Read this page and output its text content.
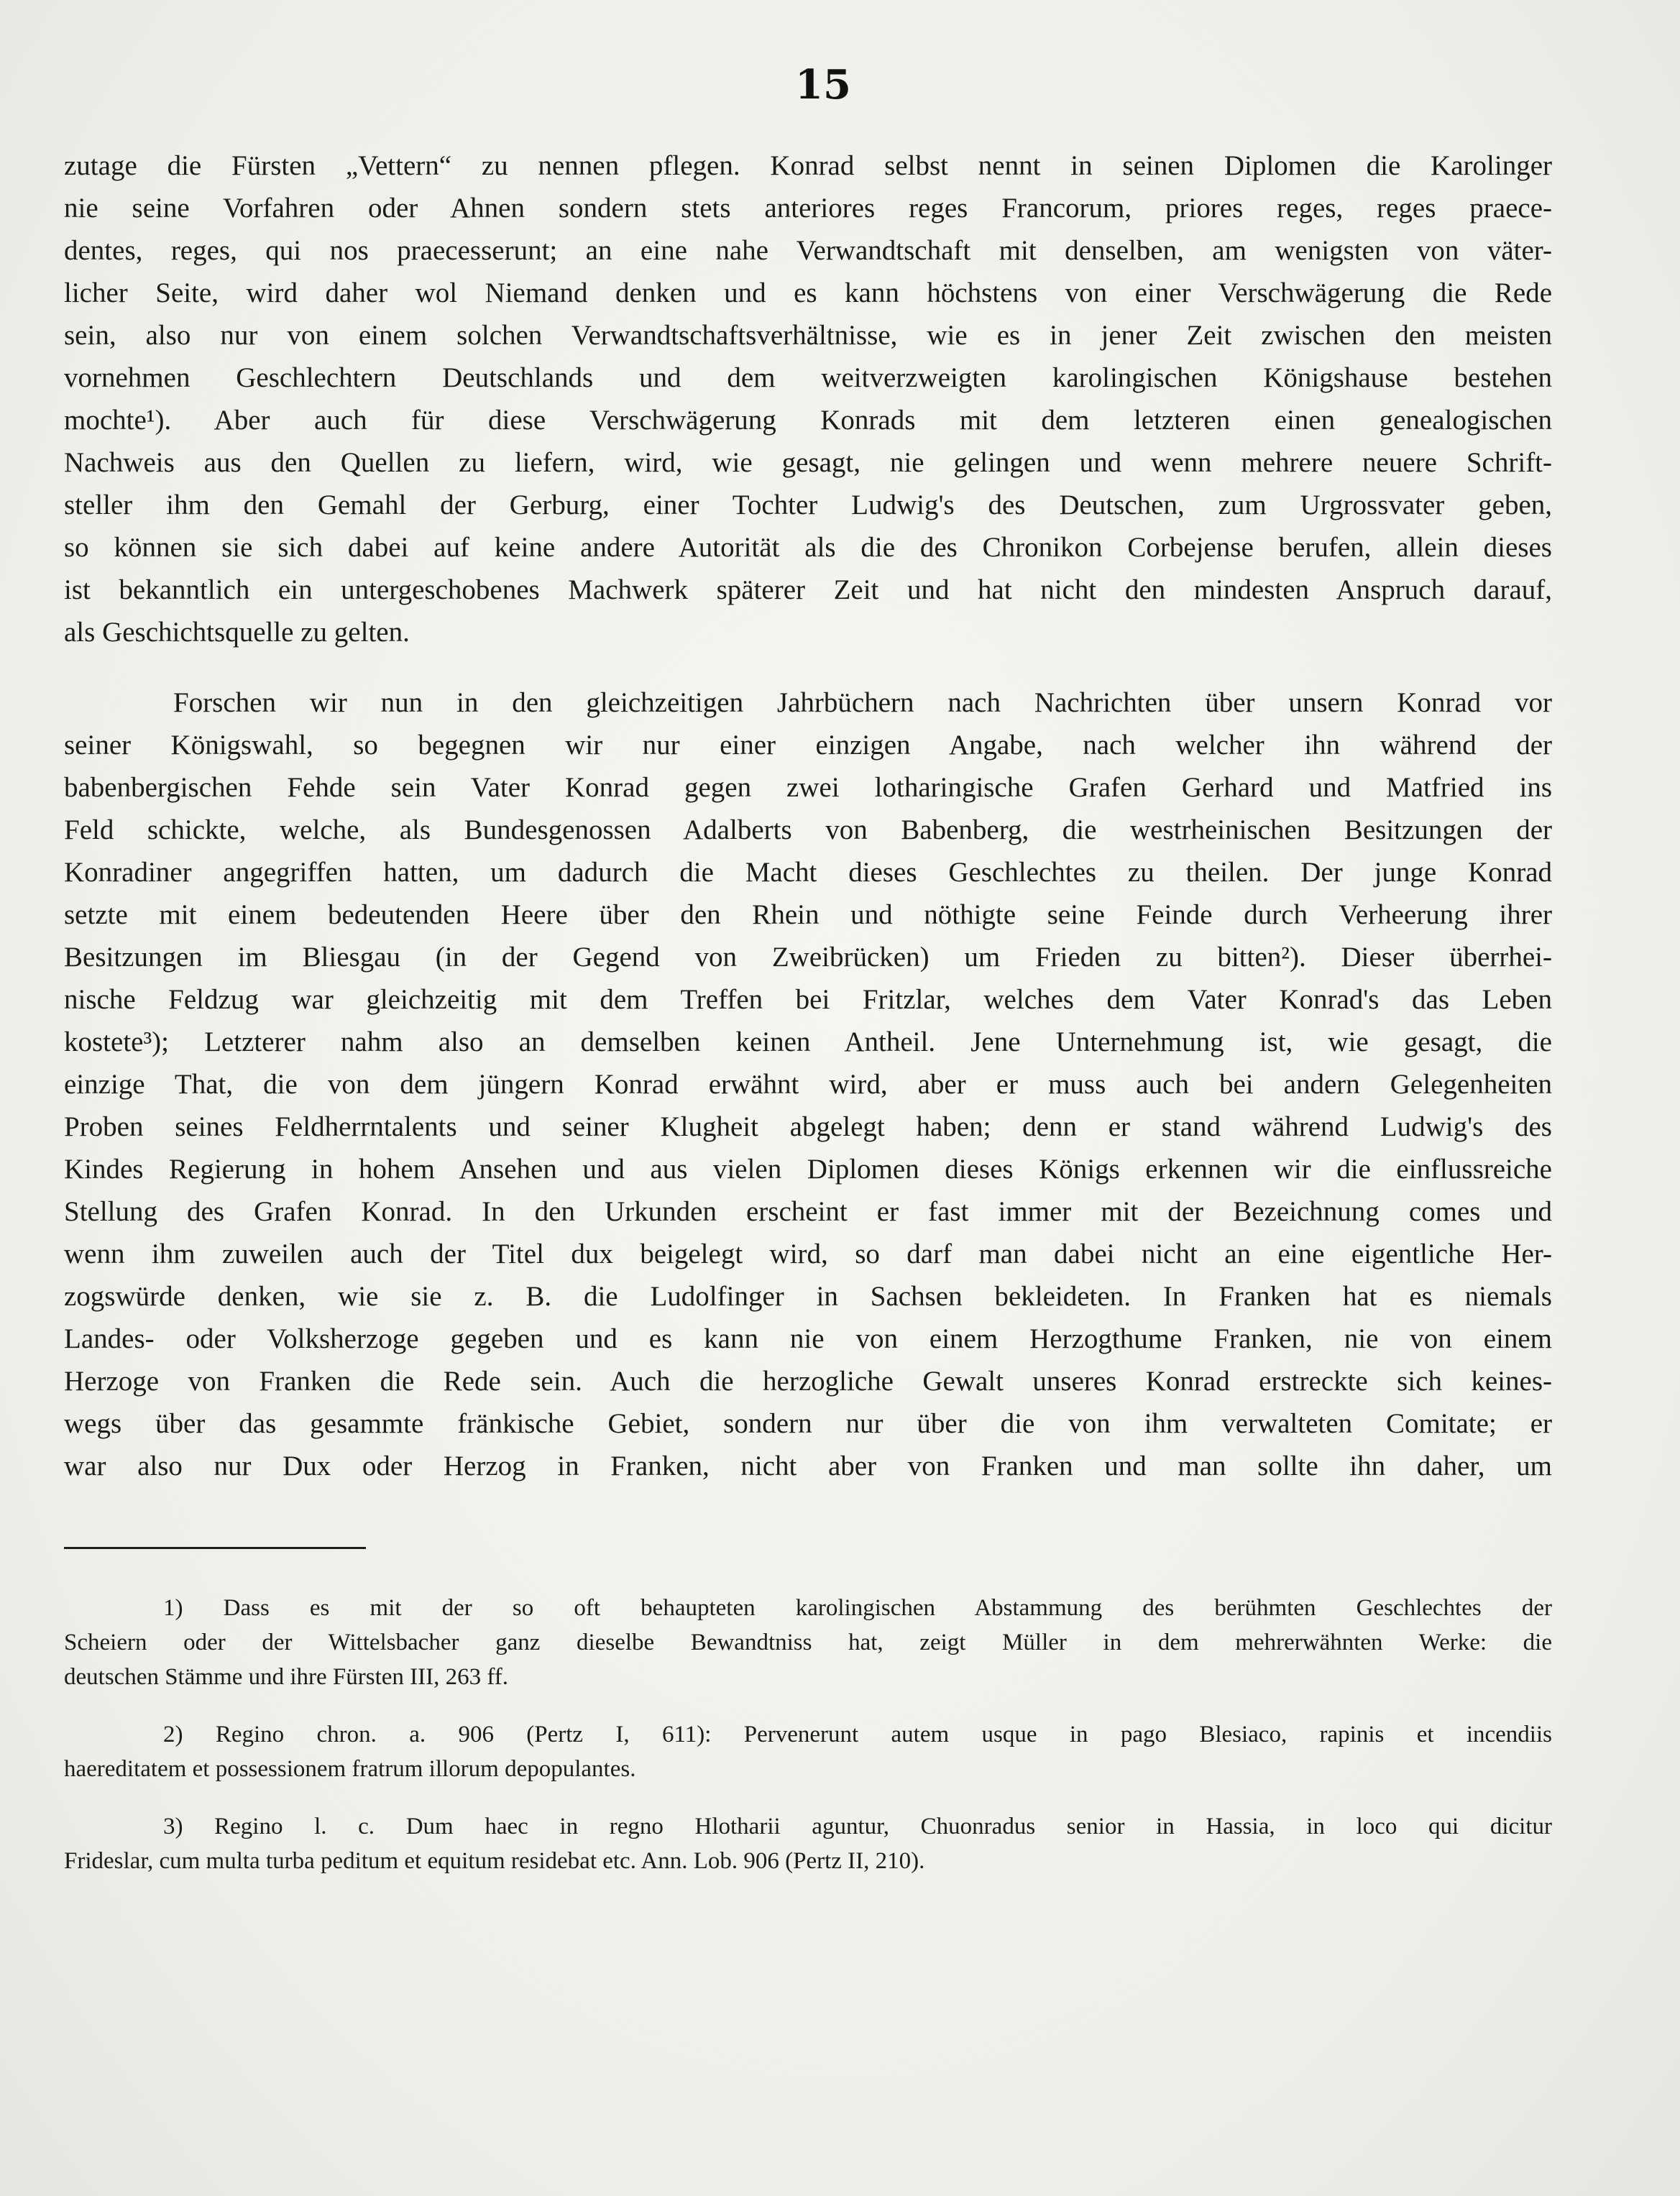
15
zutage die Fürsten „Vettern“ zu nennen pflegen. Konrad selbst nennt in seinen Diplomen die Karolinger
nie seine Vorfahren oder Ahnen sondern stets anteriores reges Francorum, priores reges, reges praece-
dentes, reges, qui nos praecesserunt; an eine nahe Verwandtschaft mit denselben, am wenigsten von väter-
licher Seite, wird daher wol Niemand denken und es kann höchstens von einer Verschwägerung die Rede
sein, also nur von einem solchen Verwandtschaftsverhältnisse, wie es in jener Zeit zwischen den meisten
vornehmen Geschlechtern Deutschlands und dem weitverzweigten karolingischen Königshause bestehen
mochte¹). Aber auch für diese Verschwägerung Konrads mit dem letzteren einen genealogischen
Nachweis aus den Quellen zu liefern, wird, wie gesagt, nie gelingen und wenn mehrere neuere Schrift-
steller ihm den Gemahl der Gerburg, einer Tochter Ludwig's des Deutschen, zum Urgrossvater geben,
so können sie sich dabei auf keine andere Autorität als die des Chronikon Corbejense berufen, allein dieses
ist bekanntlich ein untergeschobenes Machwerk späterer Zeit und hat nicht den mindesten Anspruch darauf,
als Geschichtsquelle zu gelten.
Forschen wir nun in den gleichzeitigen Jahrbüchern nach Nachrichten über unsern Konrad vor
seiner Königswahl, so begegnen wir nur einer einzigen Angabe, nach welcher ihn während der
babenbergischen Fehde sein Vater Konrad gegen zwei lotharingische Grafen Gerhard und Matfried ins
Feld schickte, welche, als Bundesgenossen Adalberts von Babenberg, die westrheinischen Besitzungen der
Konradiner angegriffen hatten, um dadurch die Macht dieses Geschlechtes zu theilen. Der junge Konrad
setzte mit einem bedeutenden Heere über den Rhein und nöthigte seine Feinde durch Verheerung ihrer
Besitzungen im Bliesgau (in der Gegend von Zweibrücken) um Frieden zu bitten²). Dieser überrhei-
nische Feldzug war gleichzeitig mit dem Treffen bei Fritzlar, welches dem Vater Konrad's das Leben
kostete³); Letzterer nahm also an demselben keinen Antheil. Jene Unternehmung ist, wie gesagt, die
einzige That, die von dem jüngern Konrad erwähnt wird, aber er muss auch bei andern Gelegenheiten
Proben seines Feldherrntalents und seiner Klugheit abgelegt haben; denn er stand während Ludwig's des
Kindes Regierung in hohem Ansehen und aus vielen Diplomen dieses Königs erkennen wir die einflussreiche
Stellung des Grafen Konrad. In den Urkunden erscheint er fast immer mit der Bezeichnung comes und
wenn ihm zuweilen auch der Titel dux beigelegt wird, so darf man dabei nicht an eine eigentliche Her-
zogswürde denken, wie sie z. B. die Ludolfinger in Sachsen bekleideten. In Franken hat es niemals
Landes- oder Volksherzoge gegeben und es kann nie von einem Herzogthume Franken, nie von einem
Herzoge von Franken die Rede sein. Auch die herzogliche Gewalt unseres Konrad erstreckte sich keines-
wegs über das gesammte fränkische Gebiet, sondern nur über die von ihm verwalteten Comitate; er
war also nur Dux oder Herzog in Franken, nicht aber von Franken und man sollte ihn daher, um
1) Dass es mit der so oft behaupteten karolingischen Abstammung des berühmten Geschlechtes der
Scheiern oder der Wittelsbacher ganz dieselbe Bewandtniss hat, zeigt Müller in dem mehrerwähnten Werke: die
deutschen Stämme und ihre Fürsten III, 263 ff.
2) Regino chron. a. 906 (Pertz I, 611): Pervenerunt autem usque in pago Blesiaco, rapinis et incendiis
haereditatem et possessionem fratrum illorum depopulantes.
3) Regino l. c. Dum haec in regno Hlotharii aguntur, Chuonradus senior in Hassia, in loco qui dicitur
Frideslar, cum multa turba peditum et equitum residebat etc. Ann. Lob. 906 (Pertz II, 210).
